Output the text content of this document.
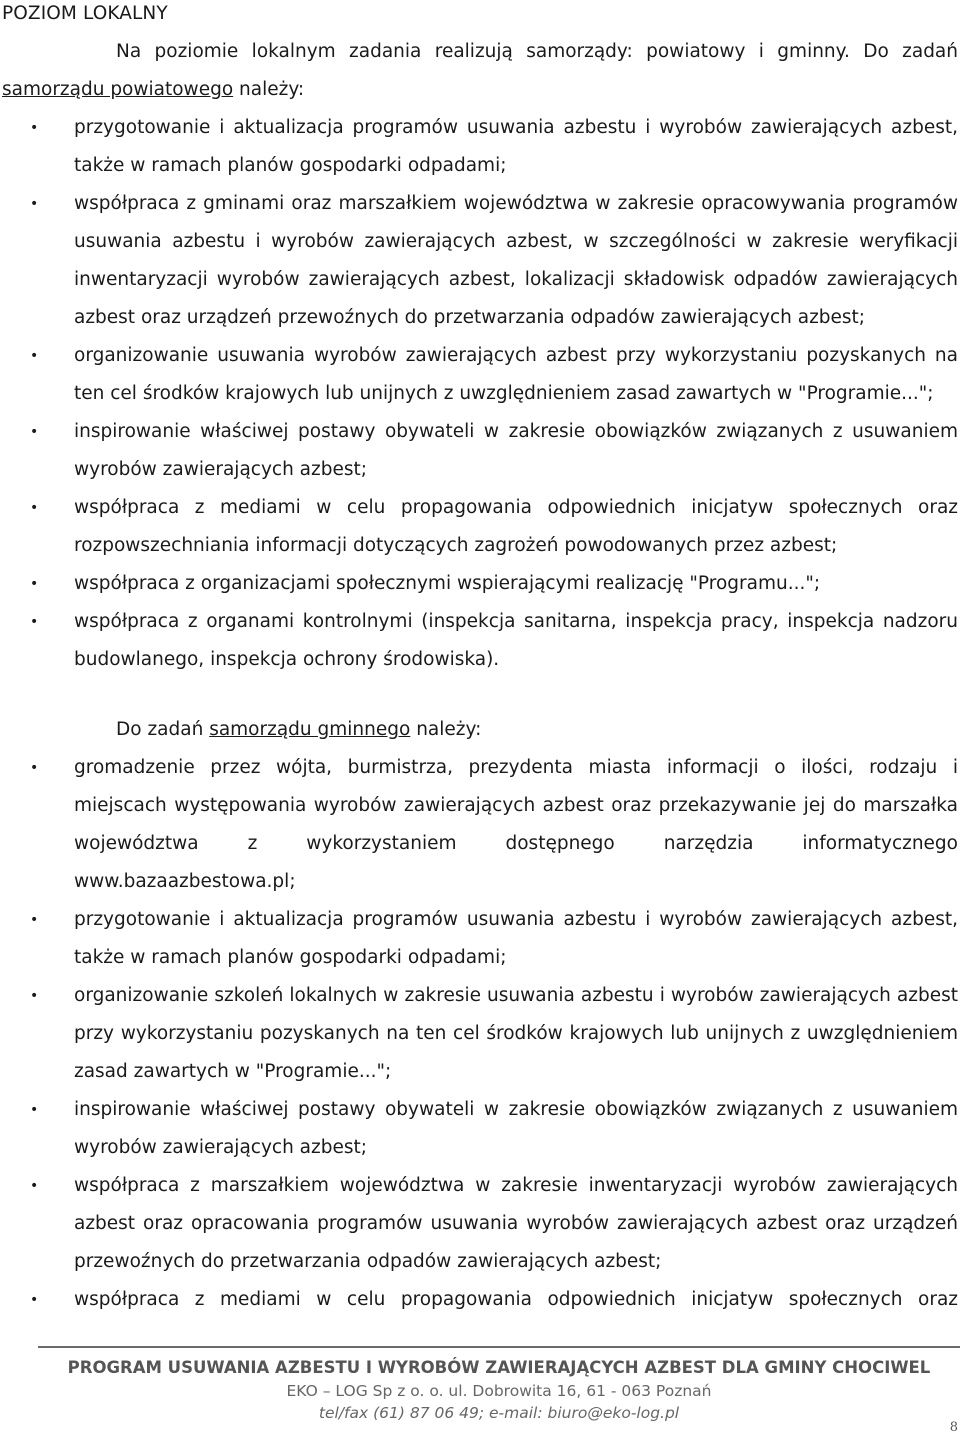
POZIOM LOKALNY

Na poziomie lokalnym zadania realizują samorządy: powiatowy i gminny. Do zadań samorządu powiatowego należy:

• przygotowanie i aktualizacja programów usuwania azbestu i wyrobów zawierających azbest, także w ramach planów gospodarki odpadami;
• współpraca z gminami oraz marszałkiem województwa w zakresie opracowywania programów usuwania azbestu i wyrobów zawierających azbest, w szczególności w zakresie weryfikacji inwentaryzacji wyrobów zawierających azbest, lokalizacji składowisk odpadów zawierających azbest oraz urządzeń przewoźnych do przetwarzania odpadów zawierających azbest;
• organizowanie usuwania wyrobów zawierających azbest przy wykorzystaniu pozyskanych na ten cel środków krajowych lub unijnych z uwzględnieniem zasad zawartych w "Programie...";
• inspirowanie właściwej postawy obywateli w zakresie obowiązków związanych z usuwaniem wyrobów zawierających azbest;
• współpraca z mediami w celu propagowania odpowiednich inicjatyw społecznych oraz rozpowszechniania informacji dotyczących zagrożeń powodowanych przez azbest;
• współpraca z organizacjami społecznymi wspierającymi realizację "Programu...";
• współpraca z organami kontrolnymi (inspekcja sanitarna, inspekcja pracy, inspekcja nadzoru budowlanego, inspekcja ochrony środowiska).

Do zadań samorządu gminnego należy:

• gromadzenie przez wójta, burmistrza, prezydenta miasta informacji o ilości, rodzaju i miejscach występowania wyrobów zawierających azbest oraz przekazywanie jej do marszałka województwa z wykorzystaniem dostępnego narzędzia informatycznego www.bazaazbestowa.pl;
• przygotowanie i aktualizacja programów usuwania azbestu i wyrobów zawierających azbest, także w ramach planów gospodarki odpadami;
• organizowanie szkoleń lokalnych w zakresie usuwania azbestu i wyrobów zawierających azbest przy wykorzystaniu pozyskanych na ten cel środków krajowych lub unijnych z uwzględnieniem zasad zawartych w "Programie...";
• inspirowanie właściwej postawy obywateli w zakresie obowiązków związanych z usuwaniem wyrobów zawierających azbest;
• współpraca z marszałkiem województwa w zakresie inwentaryzacji wyrobów zawierających azbest oraz opracowania programów usuwania wyrobów zawierających azbest oraz urządzeń przewoźnych do przetwarzania odpadów zawierających azbest;
• współpraca z mediami w celu propagowania odpowiednich inicjatyw społecznych oraz
PROGRAM USUWANIA AZBESTU I WYROBÓW ZAWIERAJĄCYCH AZBEST DLA GMINY CHOCIWEL
EKO – LOG Sp z o. o. ul. Dobrowita 16, 61 - 063 Poznań
tel/fax (61) 87 06 49; e-mail: biuro@eko-log.pl
8
